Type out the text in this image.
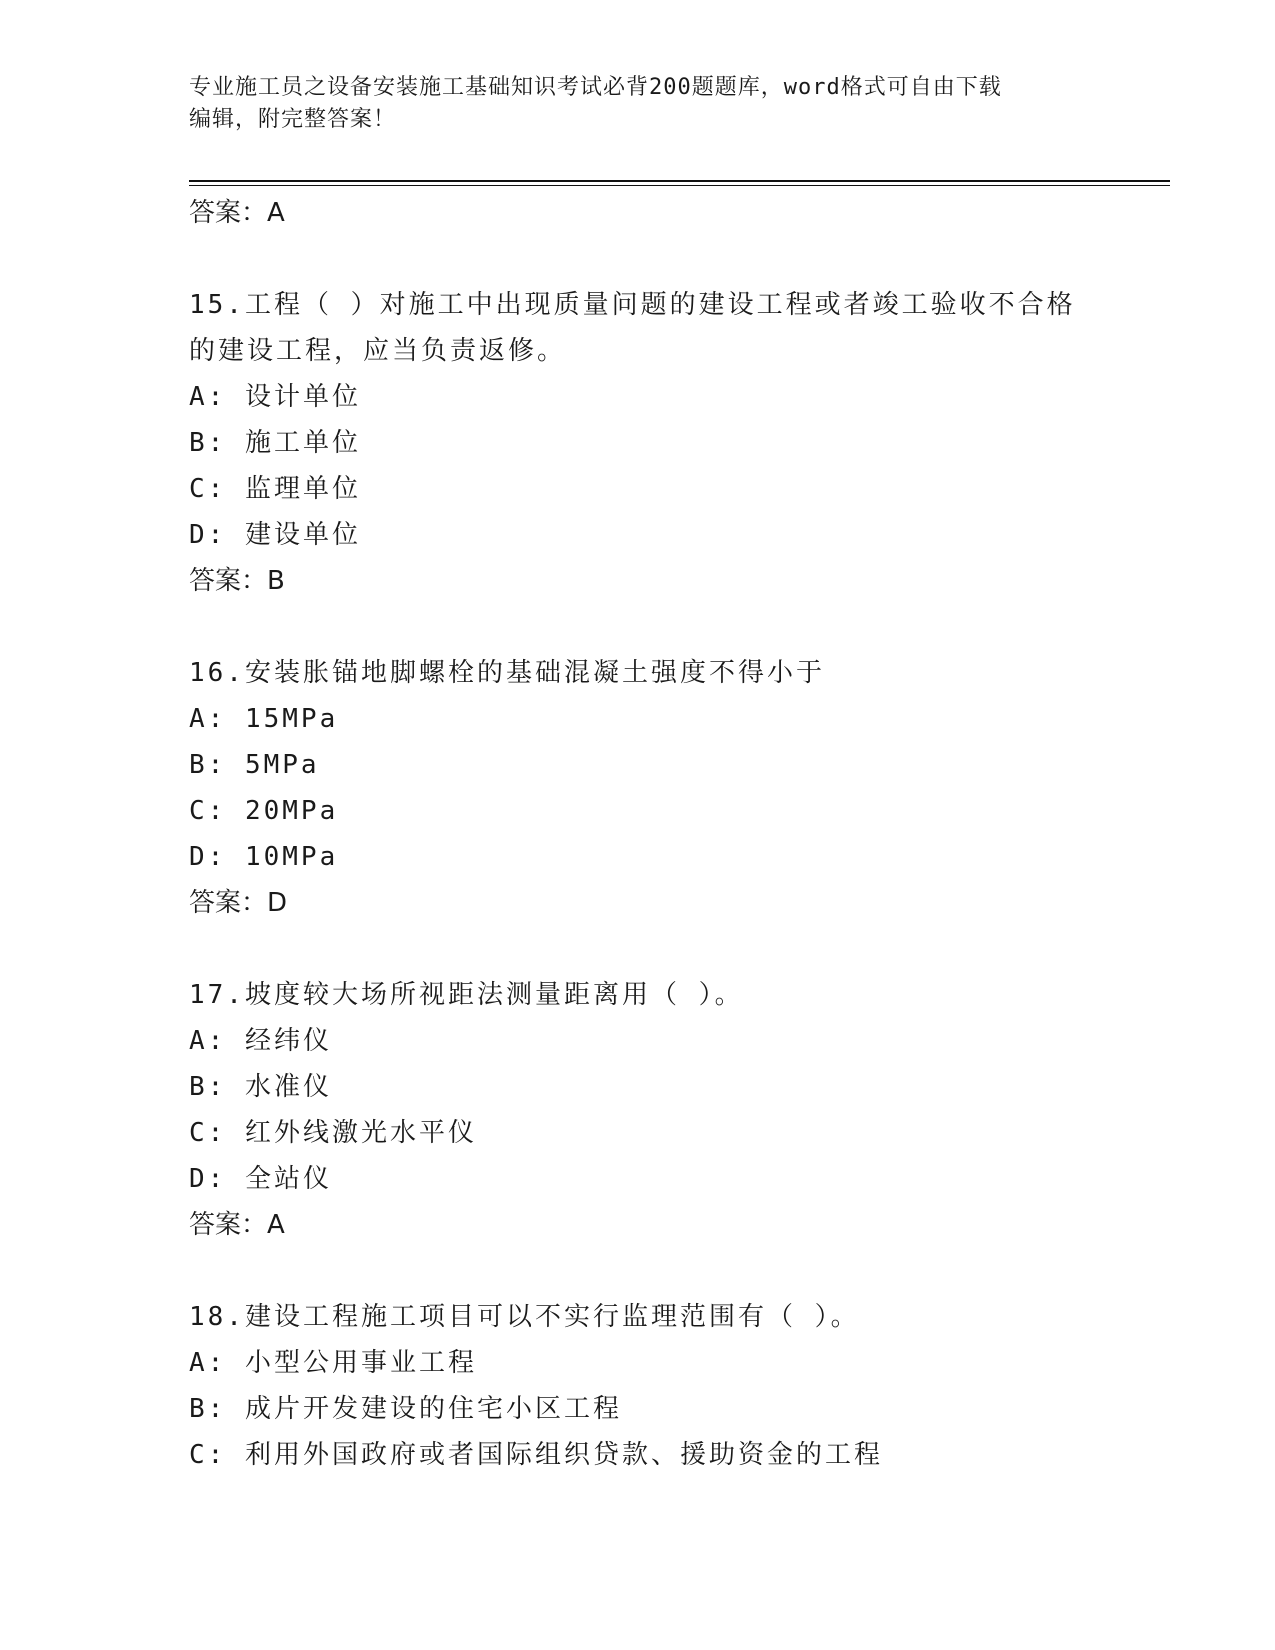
专业施工员之设备安装施工基础知识考试必背200题题库，word格式可自由下载
编辑，附完整答案！
答案：A
15.工程（ ）对施工中出现质量问题的建设工程或者竣工验收不合格
的建设工程，应当负责返修。
A: 设计单位
B: 施工单位
C: 监理单位
D: 建设单位
答案：B
16.安装胀锚地脚螺栓的基础混凝土强度不得小于
A: 15MPa
B: 5MPa
C: 20MPa
D: 10MPa
答案：D
17.坡度较大场所视距法测量距离用（ ）。
A: 经纬仪
B: 水准仪
C: 红外线激光水平仪
D: 全站仪
答案：A
18.建设工程施工项目可以不实行监理范围有（ ）。
A: 小型公用事业工程
B: 成片开发建设的住宅小区工程
C: 利用外国政府或者国际组织贷款、援助资金的工程
